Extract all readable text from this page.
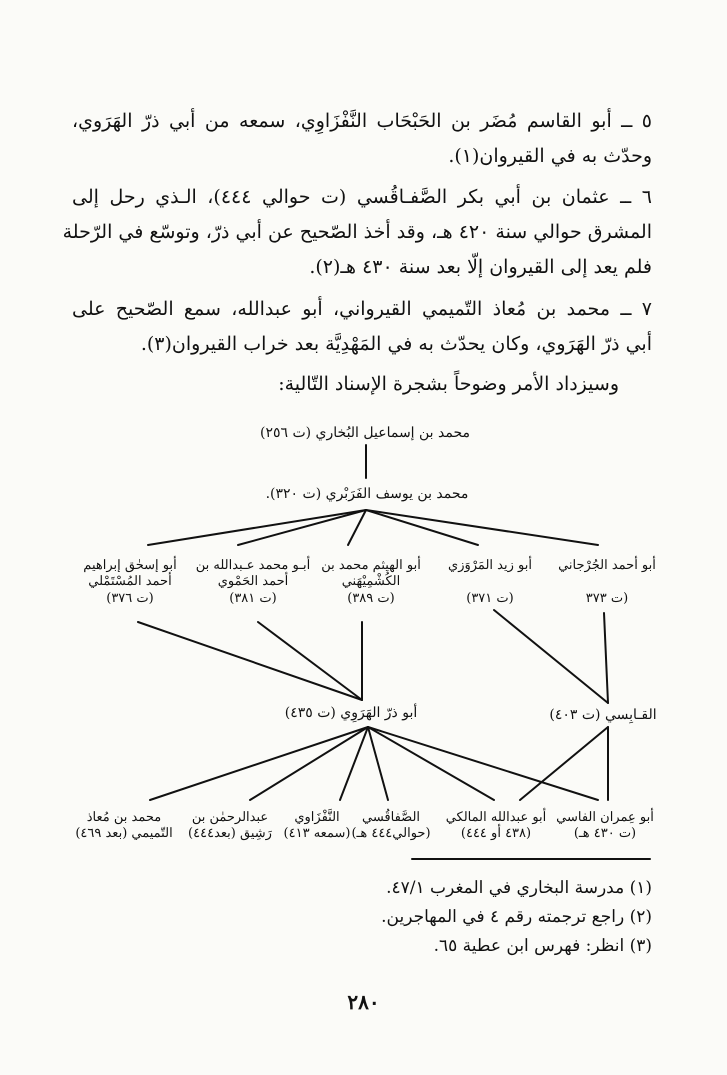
٥ ــ أبو القاسم مُضَر بن الحَبْحَاب النَّفْزَاوِي، سمعه من أبي ذرّ الهَرَوي،
وحدّث به في القيروان(١).
٦ ــ عثمان بن أبي بكر الصَّفـاقُسي (ت حوالي ٤٤٤)، الـذي رحل إلى
المشرق حوالي سنة ٤٢٠ هـ، وقد أخذ الصّحيح عن أبي ذرّ، وتوسّع في الرّحلة
فلم يعد إلى القيروان إلّا بعد سنة ٤٣٠ هـ(٢).
٧ ــ محمد بن مُعاذ التّميمي القيرواني، أبو عبدالله، سمع الصّحيح على
أبي ذرّ الهَرَوي، وكان يحدّث به في المَهْدِيَّة بعد خراب القيروان(٣).
وسيزداد الأمر وضوحاً بشجرة الإسناد التّالية:
محمد بن إسماعيل البُخاري (ت ٢٥٦)
محمد بن يوسف الفَرَبْري (ت ٣٢٠).
أبو أحمد الجُرْجاني
(ت ٣٧٣
أبو زيد المَرْوَزي
(ت ٣٧١)
أبو الهيثم محمد بن
الكُشْمِيْهَني
(ت ٣٨٩)
أبـو محمد عـبدالله بن
أحمد الحَمْوي
(ت ٣٨١)
أبو إسحٰق إبراهيم
أحمد المُسْتَمْلي
(ت ٣٧٦)
أبو ذرّ الهَرَوِي (ت ٤٣٥)	القـابِسي (ت ٤٠٣)
أبو عِمران الفاسي
(ت ٤٣٠ هـ)
أبو عبدالله المالكي
(٤٣٨ أو ٤٤٤)
الصَّفاقُسي
(حوالي٤٤٤ هـ)
النَّفْزَاوي
(سمعه ٤١٣)
عبدالرحمٰن بن
رَشِيق (بعد٤٤٤)
محمد بن مُعاذ
التّميمي (بعد ٤٦٩)
(١) مدرسة البخاري في المغرب ٤٧/١.
(٢) راجع ترجمته رقم ٤ في المهاجرين.
(٣) انظر: فهرس ابن عطية ٦٥.
٢٨٠
